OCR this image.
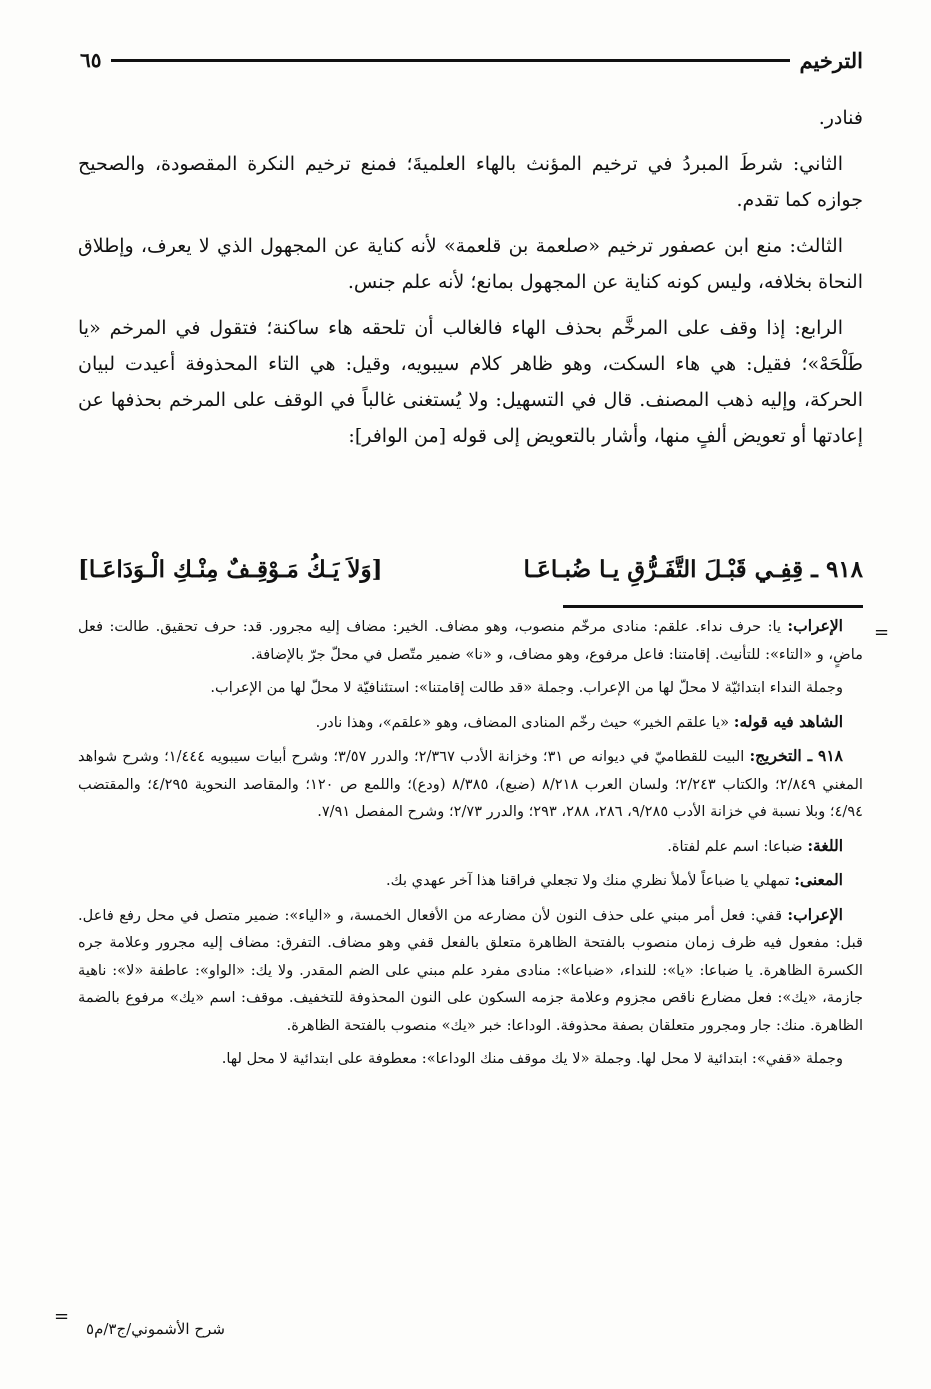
الترخيم
٦٥

فنادر.

الثاني: شرطَ المبردُ في ترخيم المؤنث بالهاء العلميةَ؛ فمنع ترخيم النكرة المقصودة، والصحيح جوازه كما تقدم.

الثالث: منع ابن عصفور ترخيم «صلعمة بن قلعمة» لأنه كناية عن المجهول الذي لا يعرف، وإطلاق النحاة بخلافه، وليس كونه كناية عن المجهول بمانع؛ لأنه علم جنس.

الرابع: إذا وقف على المرخَّم بحذف الهاء فالغالب أن تلحقه هاء ساكنة؛ فتقول في المرخم «يا طَلْحَهْ»؛ فقيل: هي هاء السكت، وهو ظاهر كلام سيبويه، وقيل: هي التاء المحذوفة أعيدت لبيان الحركة، وإليه ذهب المصنف. قال في التسهيل: ولا يُستغنى غالباً في الوقف على المرخم بحذفها عن إعادتها أو تعويض ألفٍ منها، وأشار بالتعويض إلى قوله [من الوافر]:

٩١٨ ـ قِفِـي قَبْـلَ التَّفَـرُّقِ يـا ضُبـاعَـا
[وَلاَ يَـكُ مَـوْقِـفٌ مِنْـكِ الْـوَدَاعَـا]
=
=

الإعراب: يا: حرف نداء. علقم: منادى مرخّم منصوب، وهو مضاف. الخير: مضاف إليه مجرور. قد: حرف تحقيق. طالت: فعل ماضٍ، و «التاء»: للتأنيث. إقامتنا: فاعل مرفوع، وهو مضاف، و «نا» ضمير متّصل في محلّ جرّ بالإضافة.

وجملة النداء ابتدائيّة لا محلّ لها من الإعراب. وجملة «قد طالت إقامتنا»: استئنافيّة لا محلّ لها من الإعراب.

الشاهد فيه قوله: «يا علقم الخير» حيث رخّم المنادى المضاف، وهو «علقم»، وهذا نادر.

٩١٨ ـ التخريج: البيت للقطاميّ في ديوانه ص ٣١؛ وخزانة الأدب ٢/٣٦٧؛ والدرر ٣/٥٧؛ وشرح أبيات سيبويه ١/٤٤٤؛ وشرح شواهد المغني ٢/٨٤٩؛ والكتاب ٢/٢٤٣؛ ولسان العرب ٨/٢١٨ (ضبع)، ٨/٣٨٥ (ودع)؛ واللمع ص ١٢٠؛ والمقاصد النحوية ٤/٢٩٥؛ والمقتضب ٤/٩٤؛ وبلا نسبة في خزانة الأدب ٩/٢٨٥، ٢٨٦، ٢٨٨، ٢٩٣؛ والدرر ٢/٧٣؛ وشرح المفصل ٧/٩١.

اللغة: ضباعا: اسم علم لفتاة.

المعنى: تمهلي يا ضباعاً لأملأ نظري منك ولا تجعلي فراقنا هذا آخر عهدي بك.

الإعراب: قفي: فعل أمر مبني على حذف النون لأن مضارعه من الأفعال الخمسة، و «الياء»: ضمير متصل في محل رفع فاعل. قبل: مفعول فيه ظرف زمان منصوب بالفتحة الظاهرة متعلق بالفعل قفي وهو مضاف. التفرق: مضاف إليه مجرور وعلامة جره الكسرة الظاهرة. يا ضباعا: «يا»: للنداء، «ضباعا»: منادى مفرد علم مبني على الضم المقدر. ولا يك: «الواو»: عاطفة «لا»: ناهية جازمة، «يك»: فعل مضارع ناقص مجزوم وعلامة جزمه السكون على النون المحذوفة للتخفيف. موقف: اسم «يك» مرفوع بالضمة الظاهرة. منك: جار ومجرور متعلقان بصفة محذوفة. الوداعا: خبر «يك» منصوب بالفتحة الظاهرة.

وجملة «قفي»: ابتدائية لا محل لها. وجملة «لا يك موقف منك الوداعا»: معطوفة على ابتدائية لا محل لها.

شرح الأشموني/ج٣/م٥
